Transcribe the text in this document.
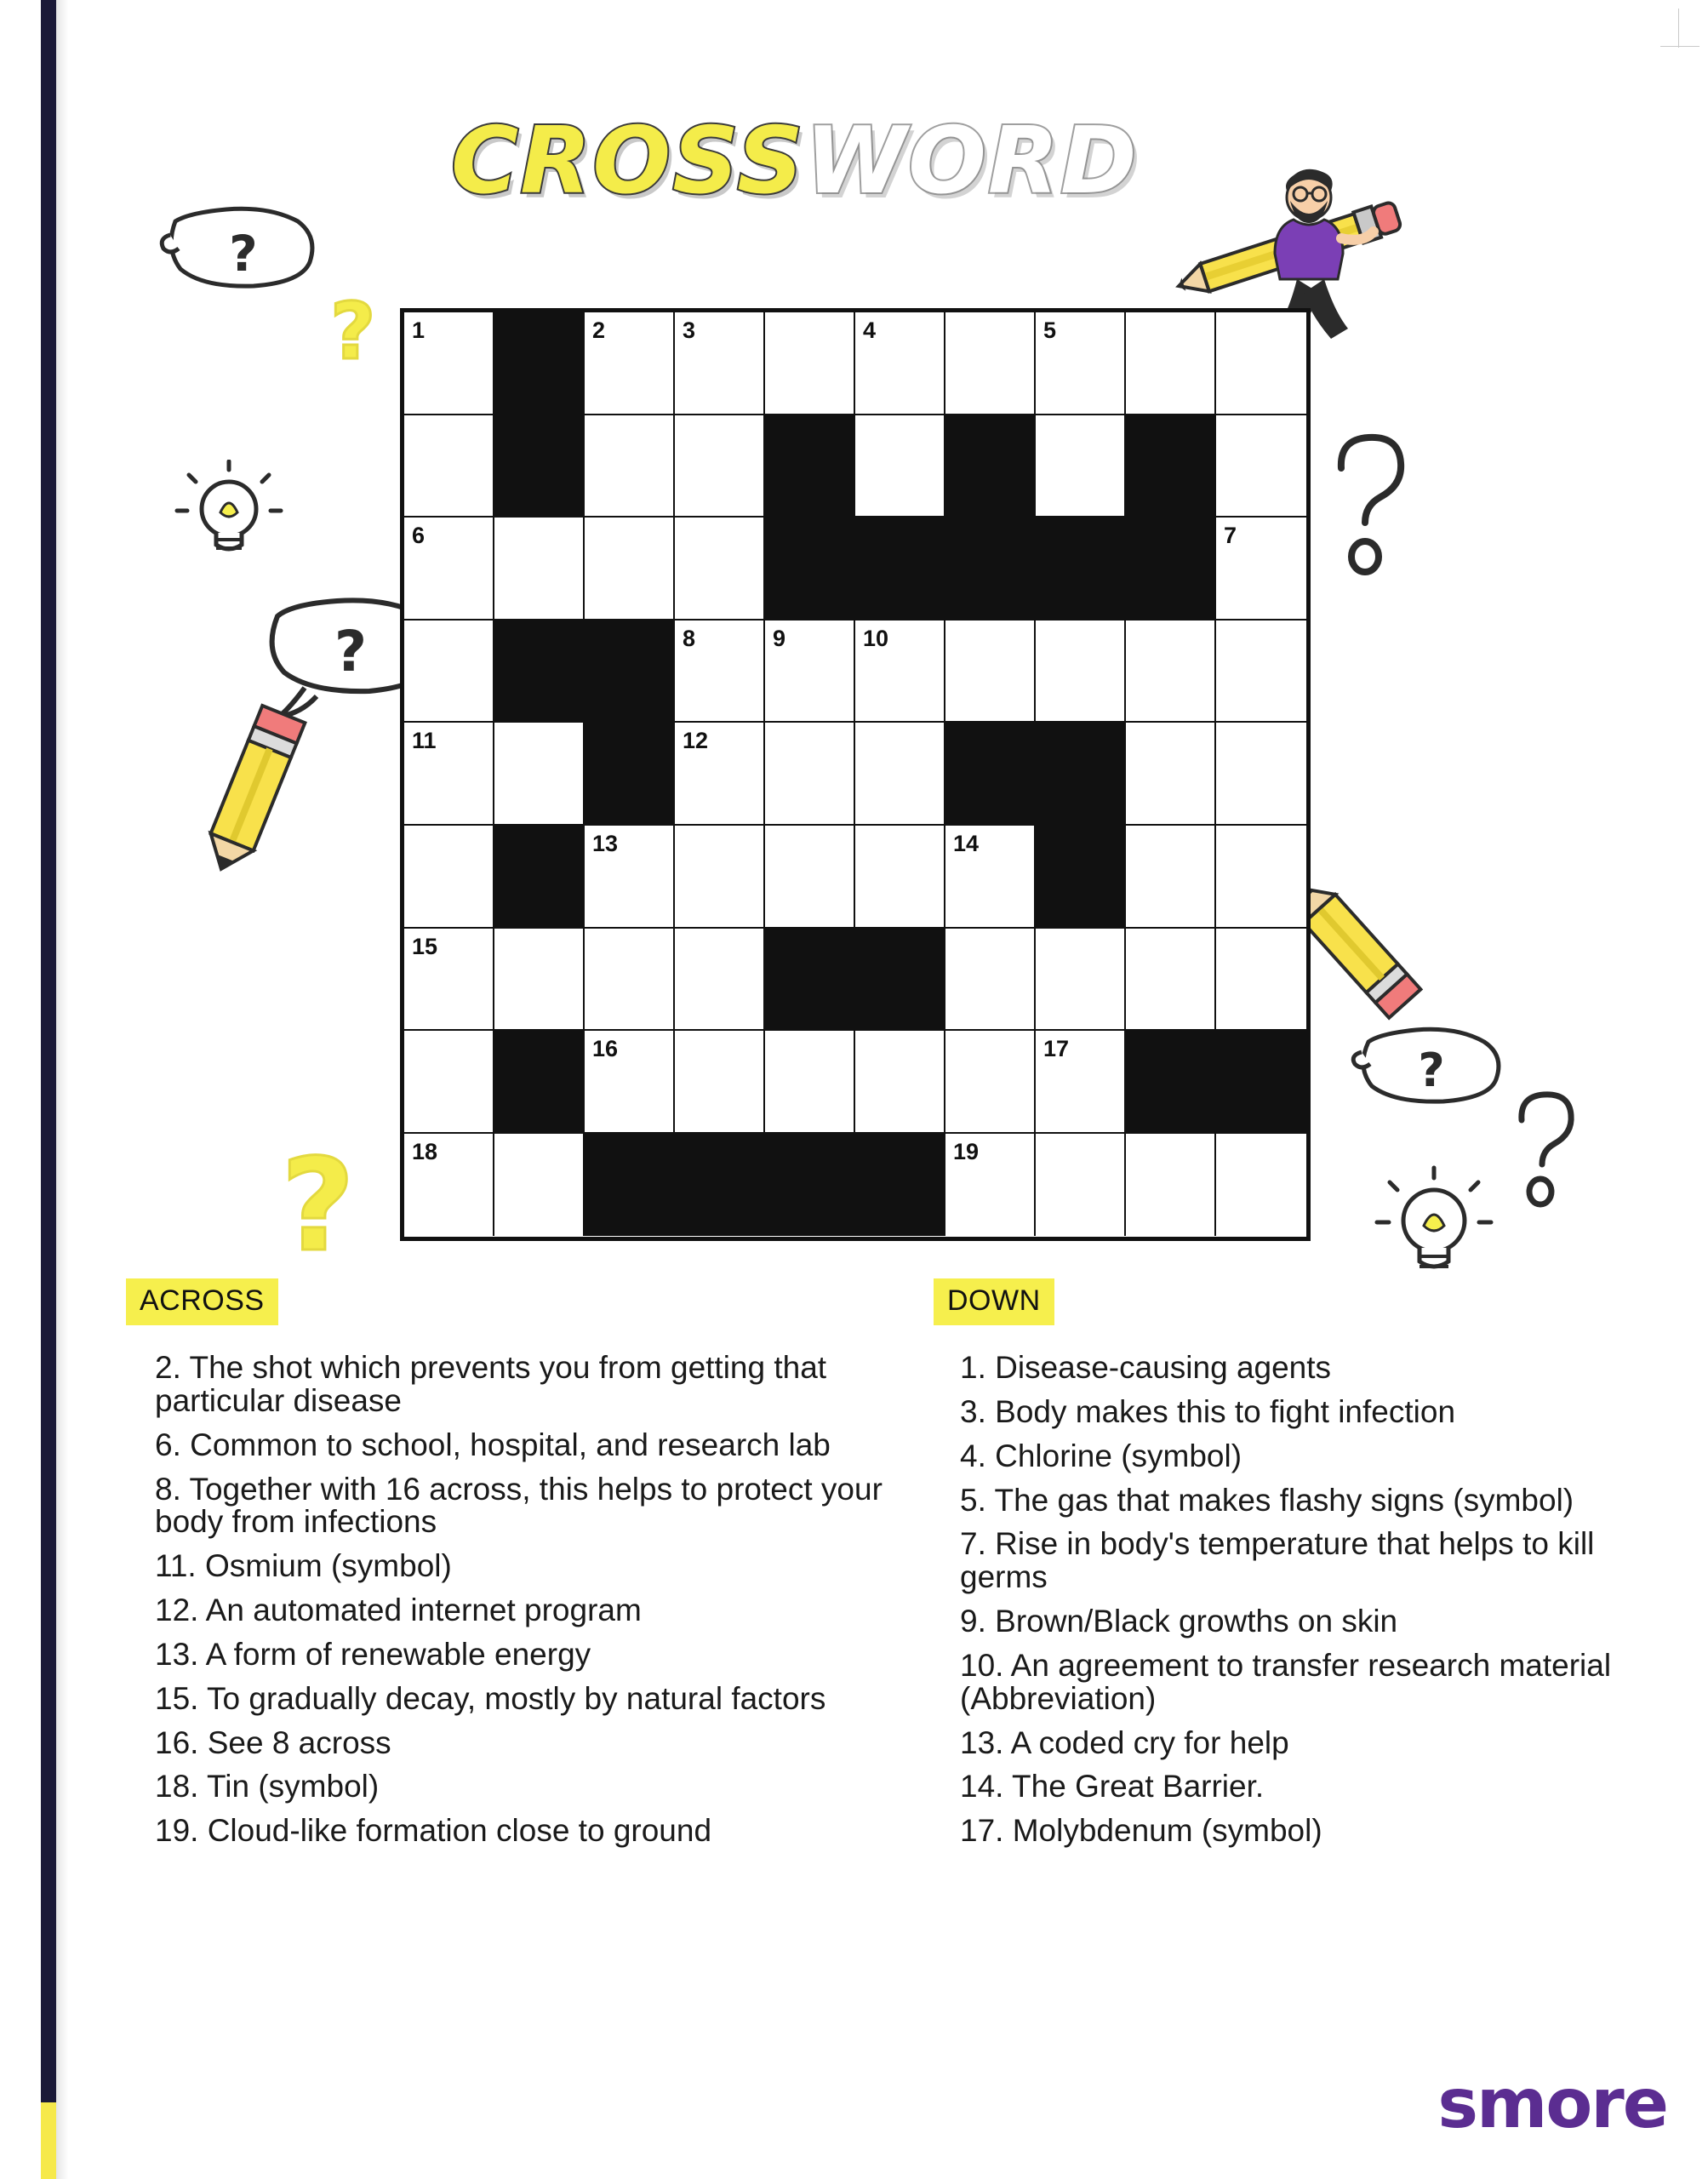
CROSSWORD
?
?
?
?
?
1	2	3	4	5
6	7
8	9	10
11	12
13	14
15
16	17
18	19
ACROSS	DOWN
2. The shot which prevents you from getting that particular disease
6. Common to school, hospital, and research lab
8. Together with 16 across, this helps to protect your body from infections
11. Osmium (symbol)
12. An automated internet program
13. A form of renewable energy
15. To gradually decay, mostly by natural factors
16. See 8 across
18. Tin (symbol)
19. Cloud-like formation close to ground
1. Disease-causing agents
3. Body makes this to fight infection
4. Chlorine (symbol)
5. The gas that makes flashy signs (symbol)
7. Rise in body's temperature that helps to kill germs
9. Brown/Black growths on skin
10. An agreement to transfer research material (Abbreviation)
13. A coded cry for help
14. The Great Barrier.
17. Molybdenum (symbol)
smore
